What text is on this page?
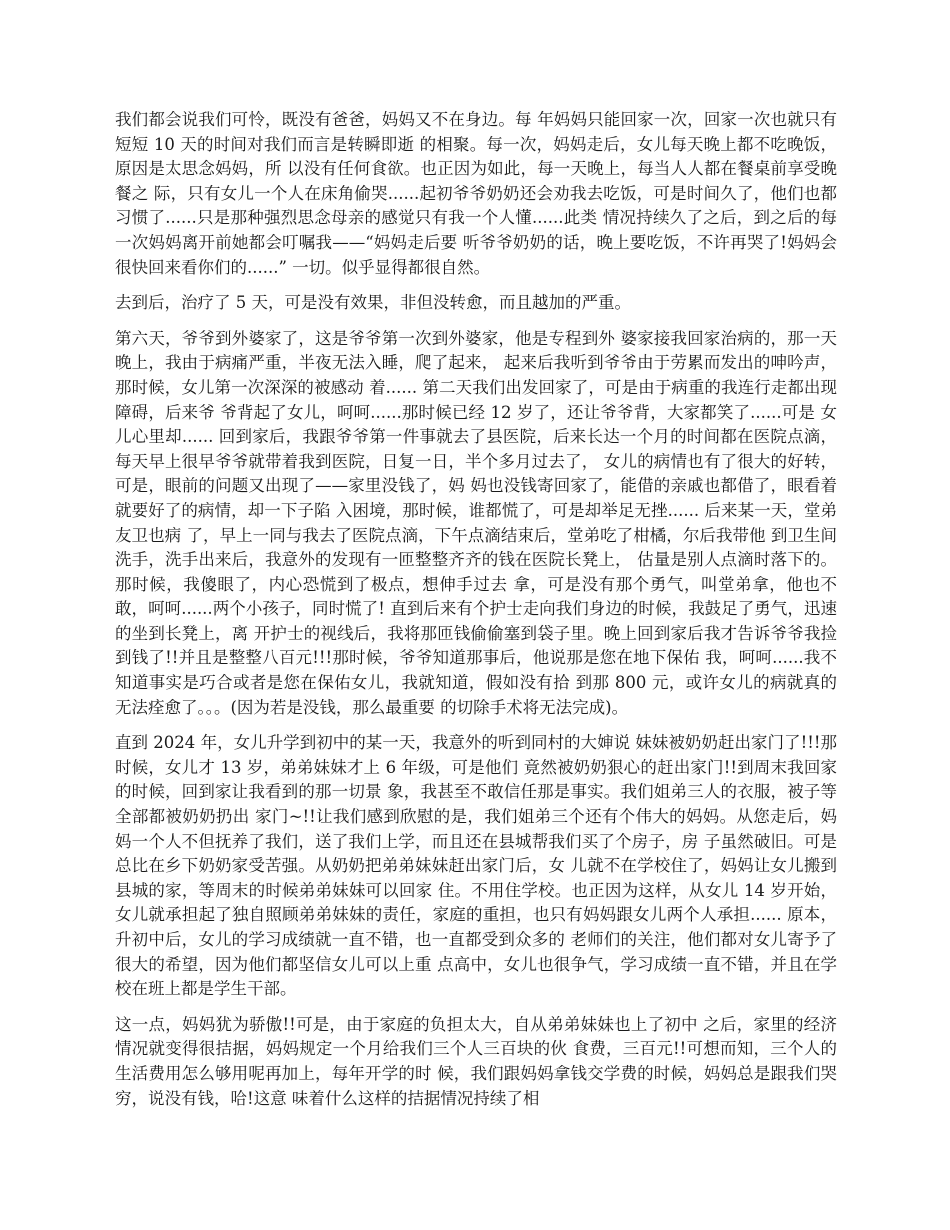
我们都会说我们可怜，既没有爸爸，妈妈又不在身边。每 年妈妈只能回家一次，回家一次也就只有短短 10 天的时间对我们而言是转瞬即逝 的相聚。每一次，妈妈走后，女儿每天晚上都不吃晚饭，原因是太思念妈妈，所 以没有任何食欲。也正因为如此，每一天晚上，每当人人都在餐桌前享受晚餐之 际，只有女儿一个人在床角偷哭......起初爷爷奶奶还会劝我去吃饭，可是时间久了，他们也都习惯了......只是那种强烈思念母亲的感觉只有我一个人懂......此类 情况持续久了之后，到之后的每一次妈妈离开前她都会叮嘱我——“妈妈走后要 听爷爷奶奶的话，晚上要吃饭，不许再哭了!妈妈会很快回来看你们的......” 一切。似乎显得都很自然。

去到后，治疗了 5 天，可是没有效果，非但没转愈，而且越加的严重。

第六天，爷爷到外婆家了，这是爷爷第一次到外婆家，他是专程到外 婆家接我回家治病的，那一天晚上，我由于病痛严重，半夜无法入睡，爬了起来， 起来后我听到爷爷由于劳累而发出的呻吟声，那时候，女儿第一次深深的被感动 着...... 第二天我们出发回家了，可是由于病重的我连行走都出现障碍，后来爷 爷背起了女儿，呵呵......那时候已经 12 岁了，还让爷爷背，大家都笑了......可是 女儿心里却...... 回到家后，我跟爷爷第一件事就去了县医院，后来长达一个月的时间都在医院点滴，每天早上很早爷爷就带着我到医院，日复一日，半个多月过去了， 女儿的病情也有了很大的好转，可是，眼前的问题又出现了——家里没钱了，妈 妈也没钱寄回家了，能借的亲戚也都借了，眼看着就要好了的病情，却一下子陷 入困境，那时候，谁都慌了，可是却举足无挫...... 后来某一天，堂弟友卫也病 了，早上一同与我去了医院点滴，下午点滴结束后，堂弟吃了柑橘，尔后我带他 到卫生间洗手，洗手出来后，我意外的发现有一匝整整齐齐的钱在医院长凳上， 估量是别人点滴时落下的。那时候，我傻眼了，内心恐慌到了极点，想伸手过去 拿，可是没有那个勇气，叫堂弟拿，他也不敢，呵呵......两个小孩子，同时慌了! 直到后来有个护士走向我们身边的时候，我鼓足了勇气，迅速的坐到长凳上，离 开护士的视线后，我将那匝钱偷偷塞到袋子里。晚上回到家后我才告诉爷爷我捡 到钱了!!并且是整整八百元!!!那时候，爷爷知道那事后，他说那是您在地下保佑 我，呵呵......我不知道事实是巧合或者是您在保佑女儿，我就知道，假如没有拾 到那 800 元，或许女儿的病就真的无法痊愈了。。。(因为若是没钱，那么最重要 的切除手术将无法完成)。

直到 2024 年，女儿升学到初中的某一天，我意外的听到同村的大婶说 妹妹被奶奶赶出家门了!!!那时候，女儿才 13 岁，弟弟妹妹才上 6 年级，可是他们 竟然被奶奶狠心的赶出家门!!到周末我回家的时候，回到家让我看到的那一切景 象，我甚至不敢信任那是事实。我们姐弟三人的衣服，被子等全部都被奶奶扔出 家门~!!让我们感到欣慰的是，我们姐弟三个还有个伟大的妈妈。从您走后，妈 妈一个人不但抚养了我们，送了我们上学，而且还在县城帮我们买了个房子，房 子虽然破旧。可是总比在乡下奶奶家受苦强。从奶奶把弟弟妹妹赶出家门后，女 儿就不在学校住了，妈妈让女儿搬到县城的家，等周末的时候弟弟妹妹可以回家 住。不用住学校。也正因为这样，从女儿 14 岁开始，女儿就承担起了独自照顾弟弟妹妹的责任，家庭的重担，也只有妈妈跟女儿两个人承担...... 原本，升初中后，女儿的学习成绩就一直不错，也一直都受到众多的 老师们的关注，他们都对女儿寄予了很大的希望，因为他们都坚信女儿可以上重 点高中，女儿也很争气，学习成绩一直不错，并且在学校在班上都是学生干部。

这一点，妈妈犹为骄傲!!可是，由于家庭的负担太大，自从弟弟妹妹也上了初中 之后，家里的经济情况就变得很拮据，妈妈规定一个月给我们三个人三百块的伙 食费，三百元!!可想而知，三个人的生活费用怎么够用呢再加上，每年开学的时 候，我们跟妈妈拿钱交学费的时候，妈妈总是跟我们哭穷，说没有钱，哈!这意 味着什么这样的拮据情况持续了相
